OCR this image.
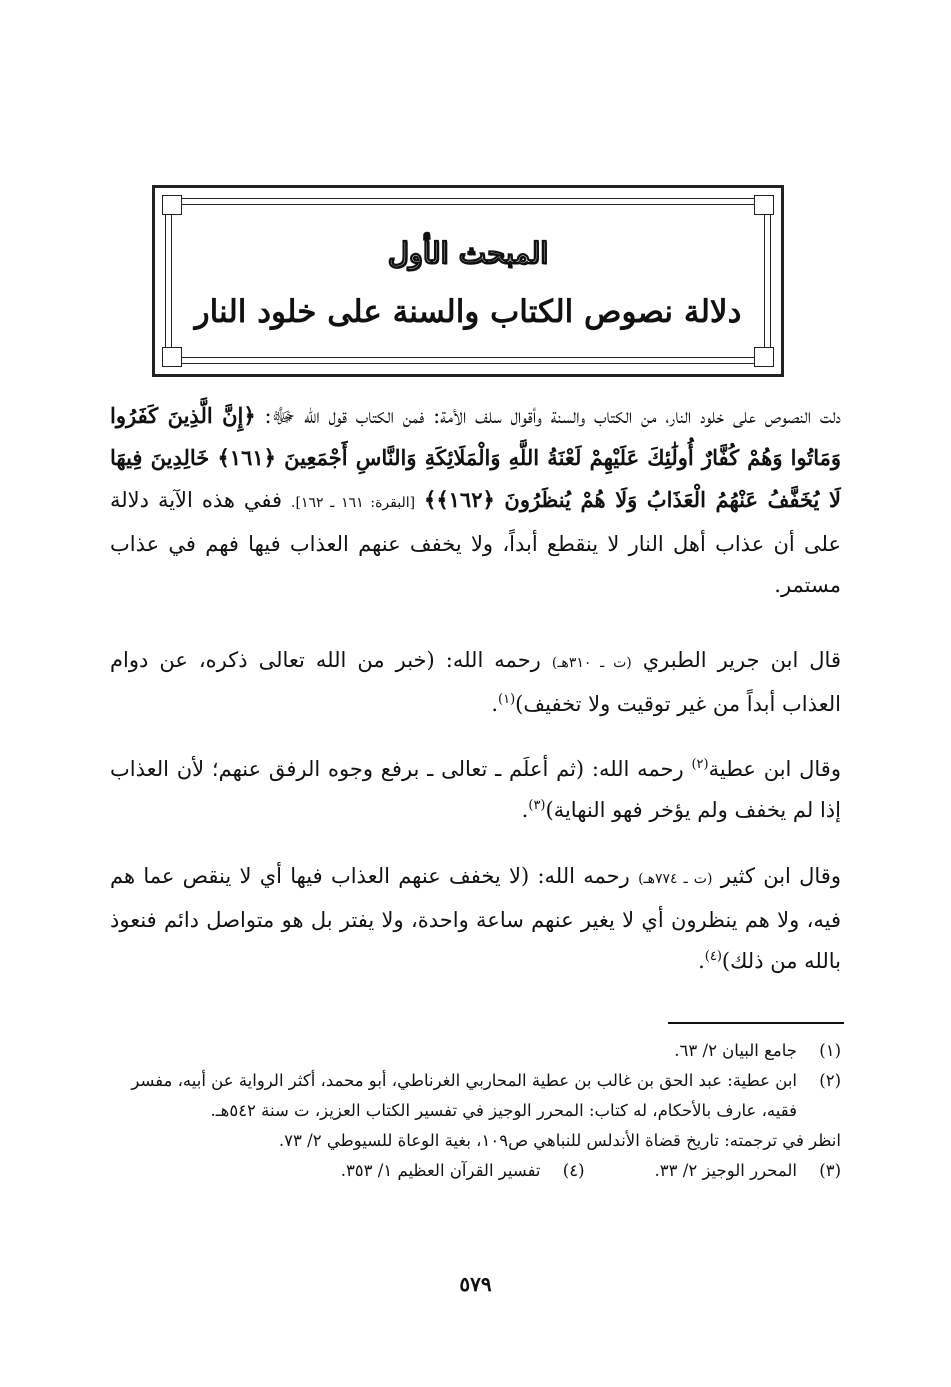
المبحث الأول
دلالة نصوص الكتاب والسنة على خلود النار
دلت النصوص على خلود النار، من الكتاب والسنة وأقوال سلف الأمة: فمن الكتاب قول الله ﷻ: ﴿إِنَّ الَّذِينَ كَفَرُوا وَمَاتُوا وَهُمْ كُفَّارٌ أُولَٰئِكَ عَلَيْهِمْ لَعْنَةُ اللَّهِ وَالْمَلَائِكَةِ وَالنَّاسِ أَجْمَعِينَ ﴿١٦١﴾ خَالِدِينَ فِيهَا لَا يُخَفَّفُ عَنْهُمُ الْعَذَابُ وَلَا هُمْ يُنظَرُونَ ﴿١٦٢﴾﴾ [البقرة: ١٦١ ـ ١٦٢]. ففي هذه الآية دلالة على أن عذاب أهل النار لا ينقطع أبداً، ولا يخفف عنهم العذاب فيها فهم في عذاب مستمر.
قال ابن جرير الطبري (ت ـ ٣١٠هـ) رحمه الله: (خبر من الله تعالى ذكره، عن دوام العذاب أبداً من غير توقيت ولا تخفيف)$^{(١)}$.
وقال ابن عطية$^{(٢)}$ رحمه الله: (ثم أعلَم ـ تعالى ـ برفع وجوه الرفق عنهم؛ لأن العذاب إذا لم يخفف ولم يؤخر فهو النهاية)$^{(٣)}$.
وقال ابن كثير (ت ـ ٧٧٤هـ) رحمه الله: (لا يخفف عنهم العذاب فيها أي لا ينقص عما هم فيه، ولا هم ينظرون أي لا يغير عنهم ساعة واحدة، ولا يفتر بل هو متواصل دائم فنعوذ بالله من ذلك)$^{(٤)}$.
(١)
جامع البيان ٢/ ٦٣.
(٢)
ابن عطية: عبد الحق بن غالب بن عطية المحاربي الغرناطي، أبو محمد، أكثر الرواية عن أبيه، مفسر فقيه، عارف بالأحكام، له كتاب: المحرر الوجيز في تفسير الكتاب العزيز، ت سنة ٥٤٢هـ.
انظر في ترجمته: تاريخ قضاة الأندلس للنباهي ص١٠٩، بغية الوعاة للسيوطي ٢/ ٧٣.
(٣)
المحرر الوجيز ٢/ ٣٣.
(٤)
تفسير القرآن العظيم ١/ ٣٥٣.
٥٧٩
